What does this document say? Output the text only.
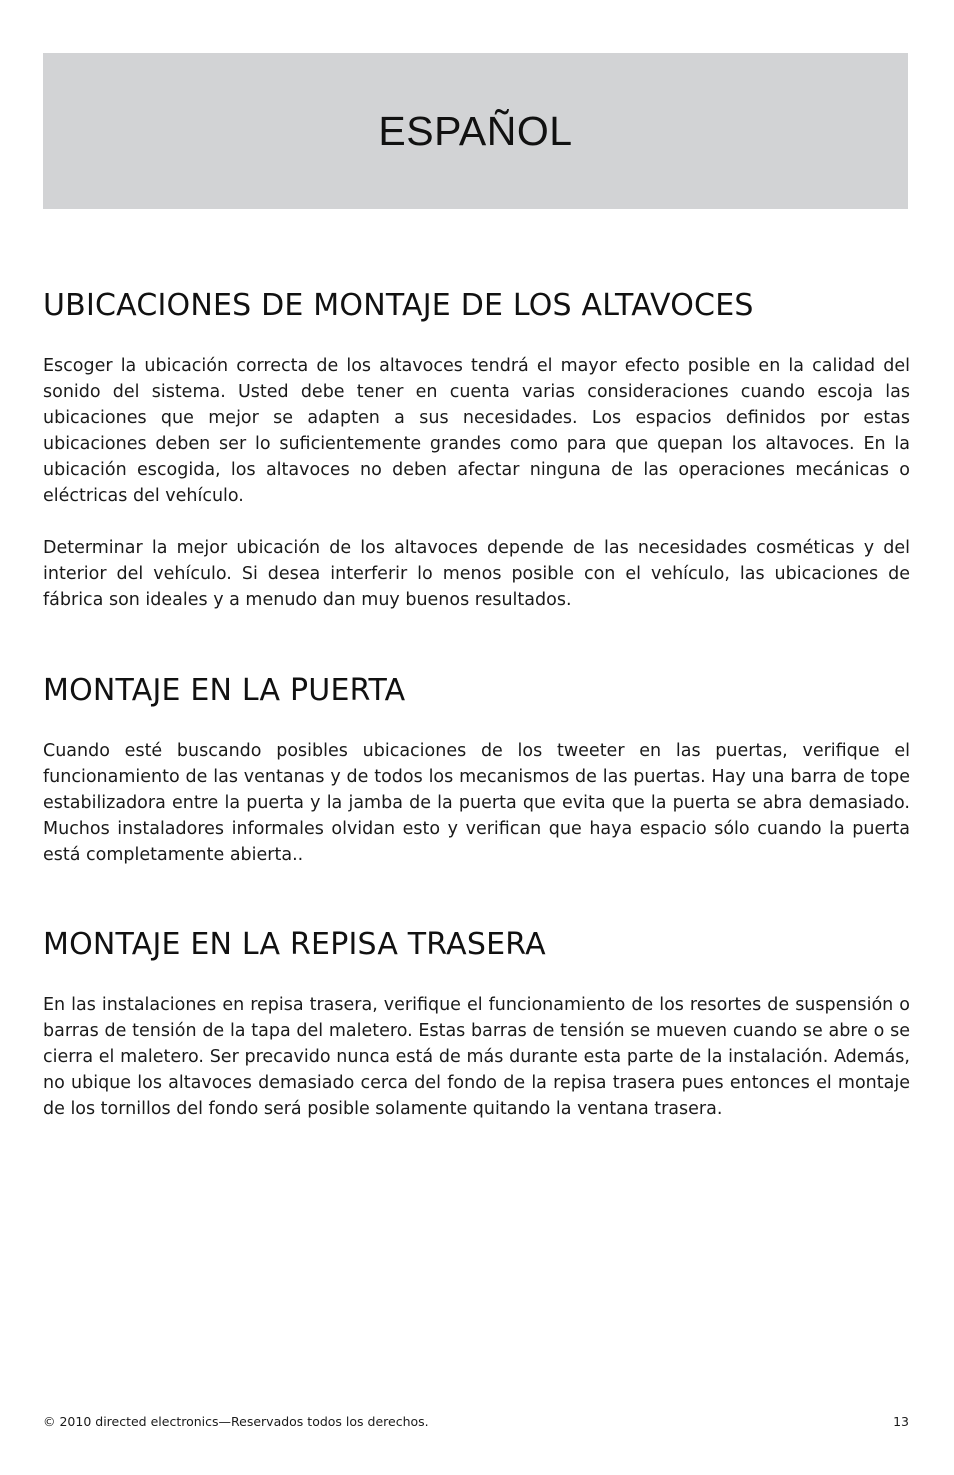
ESPAÑOL
UBICACIONES DE MONTAJE DE LOS ALTAVOCES

Escoger la ubicación correcta de los altavoces tendrá el mayor efecto posible en la calidad del sonido del sistema. Usted debe tener en cuenta varias consideraciones cuando escoja las ubicaciones que mejor se adapten a sus necesidades. Los espacios definidos por estas ubicaciones deben ser lo suficientemente grandes como para que quepan los altavoces. En la ubicación escogida, los altavoces no deben afectar ninguna de las operaciones mecánicas o eléctricas del vehículo.

Determinar la mejor ubicación de los altavoces depende de las necesidades cosméticas y del interior del vehículo. Si desea interferir lo menos posible con el vehículo, las ubicaciones de fábrica son ideales y a menudo dan muy buenos resultados.

MONTAJE EN LA PUERTA

Cuando esté buscando posibles ubicaciones de los tweeter en las puertas, verifique el funcionamiento de las ventanas y de todos los mecanismos de las puertas. Hay una barra de tope estabilizadora entre la puerta y la jamba de la puerta que evita que la puerta se abra demasiado. Muchos instaladores informales olvidan esto y verifican que haya espacio sólo cuando la puerta está completamente abierta..

MONTAJE EN LA REPISA TRASERA

En las instalaciones en repisa trasera, verifique el funcionamiento de los resortes de suspensión o barras de tensión de la tapa del maletero. Estas barras de tensión se mueven cuando se abre o se cierra el maletero. Ser precavido nunca está de más durante esta parte de la instalación. Además, no ubique los altavoces demasiado cerca del fondo de la repisa trasera pues entonces el montaje de los tornillos del fondo será posible solamente quitando la ventana trasera.

© 2010 directed electronics—Reservados todos los derechos.	13
